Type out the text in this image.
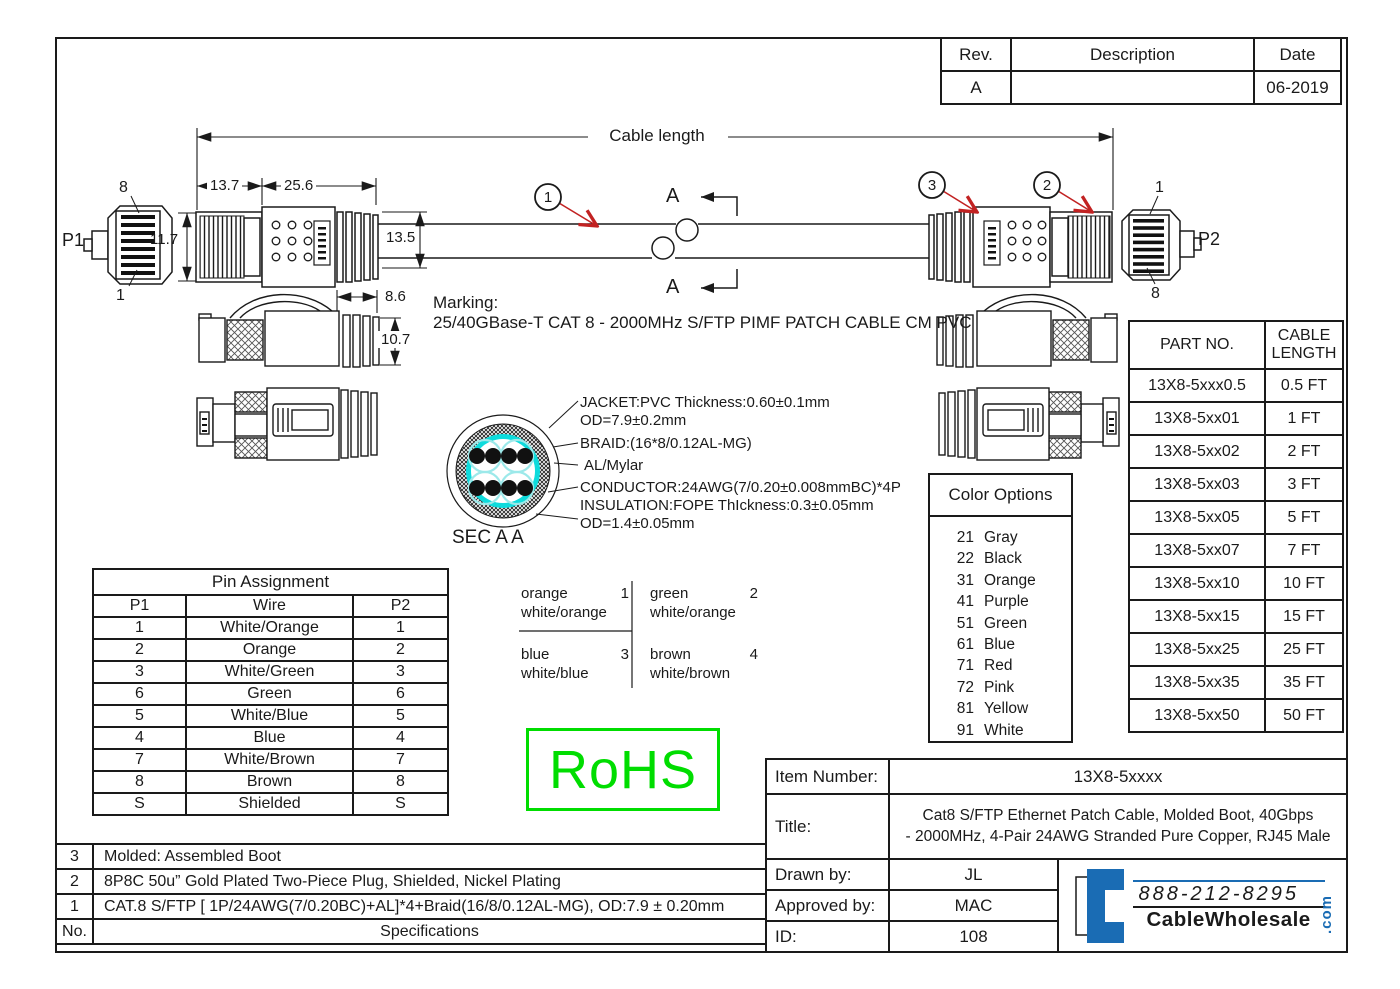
Cable length
13.7	25.6
11.7	13.5
8.6
10.7
P1	P2
8
1
1
8
1
3	2
A
A
Marking:
25/40GBase-T CAT 8 - 2000MHz S/FTP PIMF PATCH CABLE CM PVC
JACKET:PVC Thickness:0.60±0.1mm
OD=7.9±0.2mm
BRAID:(16*8/0.12AL-MG)
AL/Mylar
CONDUCTOR:24AWG(7/0.20±0.008mmBC)*4P
INSULATION:FOPE ThIckness:0.3±0.05mm
OD=1.4±0.05mm
SEC A A
orange	1
white/orange
green	2
white/orange
blue	3
white/blue
brown	4
white/brown
Rev.	Description	Date
A		06-2019
Pin Assignment		
P1	Wire	P2
1	White/Orange	1
2	Orange	2
3	White/Green	3
6	Green	6
5	White/Blue	5
4	Blue	4
7	White/Brown	7
8	Brown	8
S	Shielded	S
RoHS
Color Options
21 Gray
22 Black
31 Orange
41 Purple
51 Green
61 Blue
71 Red
72 Pink
81 Yellow
91 White
PART NO.	CABLE LENGTH
13X8-5xxx0.5	0.5 FT
13X8-5xx01	1 FT
13X8-5xx02	2 FT
13X8-5xx03	3 FT
13X8-5xx05	5 FT
13X8-5xx07	7 FT
13X8-5xx10	10 FT
13X8-5xx15	15 FT
13X8-5xx25	25 FT
13X8-5xx35	35 FT
13X8-5xx50	50 FT
Item Number:	13X8-5xxxx
Title:
Cat8 S/FTP Ethernet Patch Cable, Molded Boot, 40Gbps
- 2000MHz, 4-Pair 24AWG Stranded Pure Copper, RJ45 Male
Drawn by:	JL
Approved by:	MAC
ID:	108
888-212-8295
CableWholesale .com
3	Molded: Assembled Boot
2	8P8C 50u” Gold Plated Two-Piece Plug, Shielded, Nickel Plating
1	CAT.8 S/FTP [ 1P/24AWG(7/0.20BC)+AL]*4+Braid(16/8/0.12AL-MG), OD:7.9 ± 0.20mm
No.	Specifications
